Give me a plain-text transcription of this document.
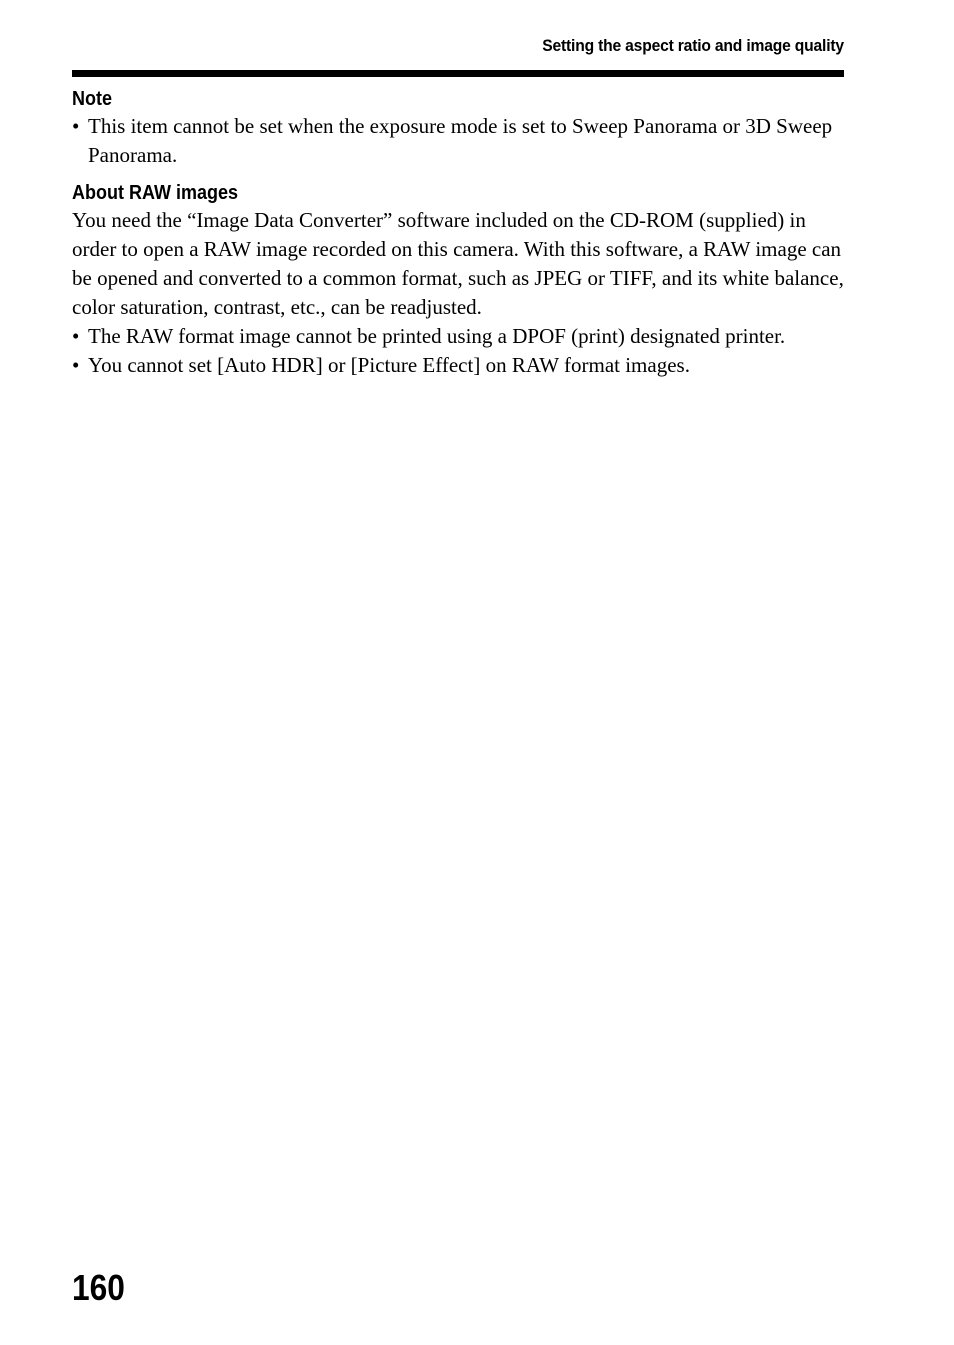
Setting the aspect ratio and image quality
Note
• This item cannot be set when the exposure mode is set to Sweep Panorama or 3D Sweep Panorama.
About RAW images

You need the “Image Data Converter” software included on the CD-ROM (supplied) in order to open a RAW image recorded on this camera. With this software, a RAW image can be opened and converted to a common format, such as JPEG or TIFF, and its white balance, color saturation, contrast, etc., can be readjusted.

• The RAW format image cannot be printed using a DPOF (print) designated printer.
• You cannot set [Auto HDR] or [Picture Effect] on RAW format images.
160
